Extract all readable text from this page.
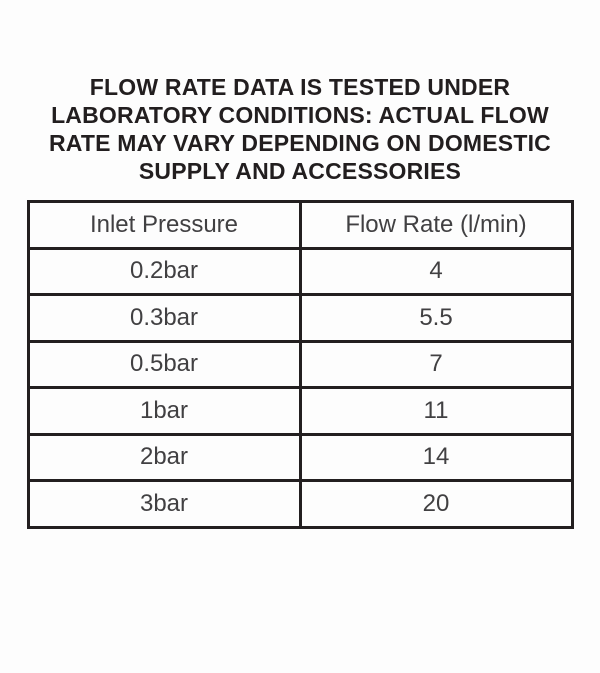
FLOW RATE DATA IS TESTED UNDER
LABORATORY CONDITIONS: ACTUAL FLOW
RATE MAY VARY DEPENDING ON DOMESTIC
SUPPLY AND ACCESSORIES
Inlet Pressure	Flow Rate (l/min)
0.2bar	4
0.3bar	5.5
0.5bar	7
1bar	11
2bar	14
3bar	20
